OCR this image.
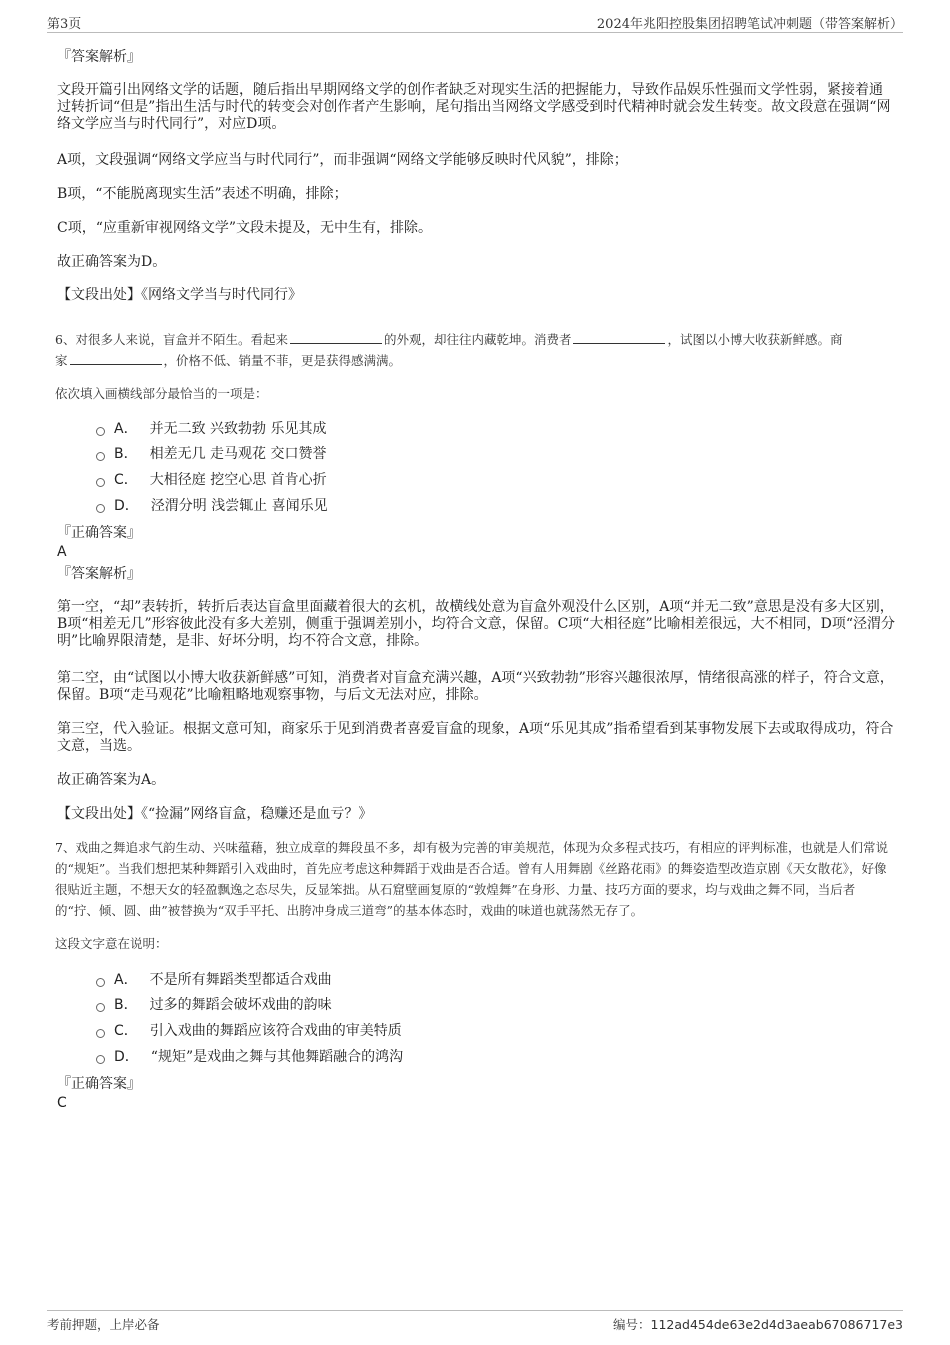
第3页	2024年兆阳控股集团招聘笔试冲刺题（带答案解析）
『答案解析』
文段开篇引出网络文学的话题，随后指出早期网络文学的创作者缺乏对现实生活的把握能力，导致作品娱乐性强而文学性弱，紧接着通过转折词“但是”指出生活与时代的转变会对创作者产生影响，尾句指出当网络文学感受到时代精神时就会发生转变。故文段意在强调“网络文学应当与时代同行”，对应D项。
A项，文段强调“网络文学应当与时代同行”，而非强调“网络文学能够反映时代风貌”，排除；
B项，“不能脱离现实生活”表述不明确，排除；
C项，“应重新审视网络文学”文段未提及，无中生有，排除。
故正确答案为D。
【文段出处】《网络文学当与时代同行》
6、对很多人来说，盲盒并不陌生。看起来	的外观，却往往内藏乾坤。消费者	，试图以小博大收获新鲜感。商
家	，价格不低、销量不菲，更是获得感满满。
依次填入画横线部分最恰当的一项是：
A． 并无二致 兴致勃勃 乐见其成
B． 相差无几 走马观花 交口赞誉
C． 大相径庭 挖空心思 首肯心折
D． 泾渭分明 浅尝辄止 喜闻乐见
『正确答案』
A
『答案解析』
第一空，“却”表转折，转折后表达盲盒里面藏着很大的玄机，故横线处意为盲盒外观没什么区别，A项“并无二致”意思是没有多大区别，B项“相差无几”形容彼此没有多大差别，侧重于强调差别小，均符合文意，保留。C项“大相径庭”比喻相差很远，大不相同，D项“泾渭分明”比喻界限清楚，是非、好坏分明，均不符合文意，排除。
第二空，由“试图以小博大收获新鲜感”可知，消费者对盲盒充满兴趣，A项“兴致勃勃”形容兴趣很浓厚，情绪很高涨的样子，符合文意，保留。B项“走马观花”比喻粗略地观察事物，与后文无法对应，排除。
第三空，代入验证。根据文意可知，商家乐于见到消费者喜爱盲盒的现象，A项“乐见其成”指希望看到某事物发展下去或取得成功，符合文意，当选。
故正确答案为A。
【文段出处】《“捡漏”网络盲盒，稳赚还是血亏？》
7、戏曲之舞追求气韵生动、兴味蕴藉，独立成章的舞段虽不多，却有极为完善的审美规范，体现为众多程式技巧，有相应的评判标准，也就是人们常说的“规矩”。当我们想把某种舞蹈引入戏曲时，首先应考虑这种舞蹈于戏曲是否合适。曾有人用舞剧《丝路花雨》的舞姿造型改造京剧《天女散花》，好像很贴近主题，不想天女的轻盈飘逸之态尽失，反显笨拙。从石窟壁画复原的“敦煌舞”在身形、力量、技巧方面的要求，均与戏曲之舞不同，当后者的“拧、倾、圆、曲”被替换为“双手平托、出胯冲身成三道弯”的基本体态时，戏曲的味道也就荡然无存了。
这段文字意在说明：
A． 不是所有舞蹈类型都适合戏曲
B． 过多的舞蹈会破坏戏曲的韵味
C． 引入戏曲的舞蹈应该符合戏曲的审美特质
D． “规矩”是戏曲之舞与其他舞蹈融合的鸿沟
『正确答案』
C
考前押题，上岸必备	编号：112ad454de63e2d4d3aeab67086717e3
